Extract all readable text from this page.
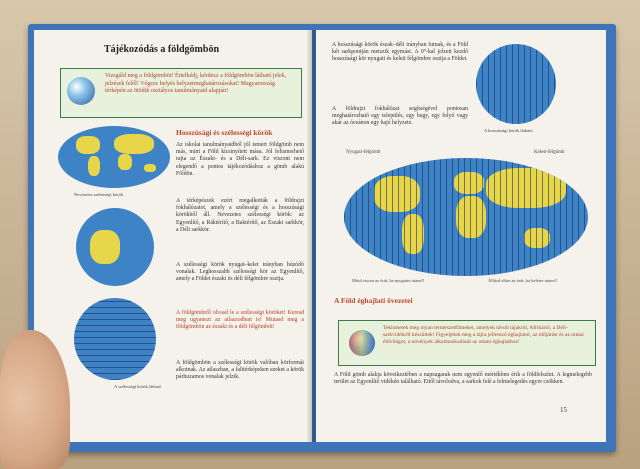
Tájékozódás a földgömbön
Vizsgáld meg a földgömböt! Értelkédj, kérdezz a földgömbön látható jelek, jelzések felől! Végezz helyés helyzetmeghatározásokat! Magyarország térképén az ötödik osztályos tanulmányaid alapján!
Nevezetes szélességi körök
A szélességi körök látható
Hosszúsági és szélességi körök
Az iskolai tanulmányaidból jól ismert földgömb nem más, mint a Föld kicsinyített mása. Jól felismerhető rajta az Északi- és a Déli-sark. Ez viszont nem elegendő a pontos tájékozódáshoz a gömb alakú Földön.
A térképészek ezért megalkották a földrajzi fokhálózatot, amely a szélességi és a hosszúsági körökből áll. Nevezetes szélességi körök: az Egyenlítő, a Ráktérítő, a Baktérítő, az Északi sarkkör, a Déli sarkkör.
A szélességi körök nyugat–kelet irányban húzódó vonalak. Leghosszabb szélességi kör az Egyenlítő, amely a Földet északi és déli félgömbre osztja.
A földgömbről olvasd le a szélességi köröket! Keresd meg ugyanezt az atlaszodban is! Mutasd meg a földgömbön az északi és a déli félgömböt!
A földgömbön a szélességi körök valóban körformát alkotnak. Az atlaszban, a falitérképeken ezeket a körök párhuzamos vonalak jelzik.
A hosszúsági körök észak–déli irányban futnak, és a Föld két sarkpontján metszik egymást. A 0°-kal jelzett kezdő hosszúsági kör nyugati és keleti félgömbre osztja a Földet.
A földrajzi fokhálózat segítségével pontosan meghatározható egy település, egy hegy, egy folyó vagy akár az óceánon egy hajó helyzete.
A hosszúsági körök látható
Nyugati-félgömb	Keleti-félgömb
Mérd vissza az órát, ha nyugatra utazol!	Állítsd előre az órát, ha keletre utazol!
A Föld éghajlati övezetei
Tekintsetek meg olyan természetfilmeket, amelyek távoli tájakról, Afrikáról, a Déli-sarkvidékről készültek! Figyeljétek meg a tájra jellemző éghajlatot, az időjárást és az ottani élővilágot, a növények alkalmazkodását az ottani éghajlathoz!
A Föld gömb alakja következtében a napsugarak nem egyenlő mértékben érik a földfelszínt. A legmelegebb terület az Egyenlítő vidékén található. Ettől távolodva, a sarkok felé a felmelegedés egyre csökken.
15
